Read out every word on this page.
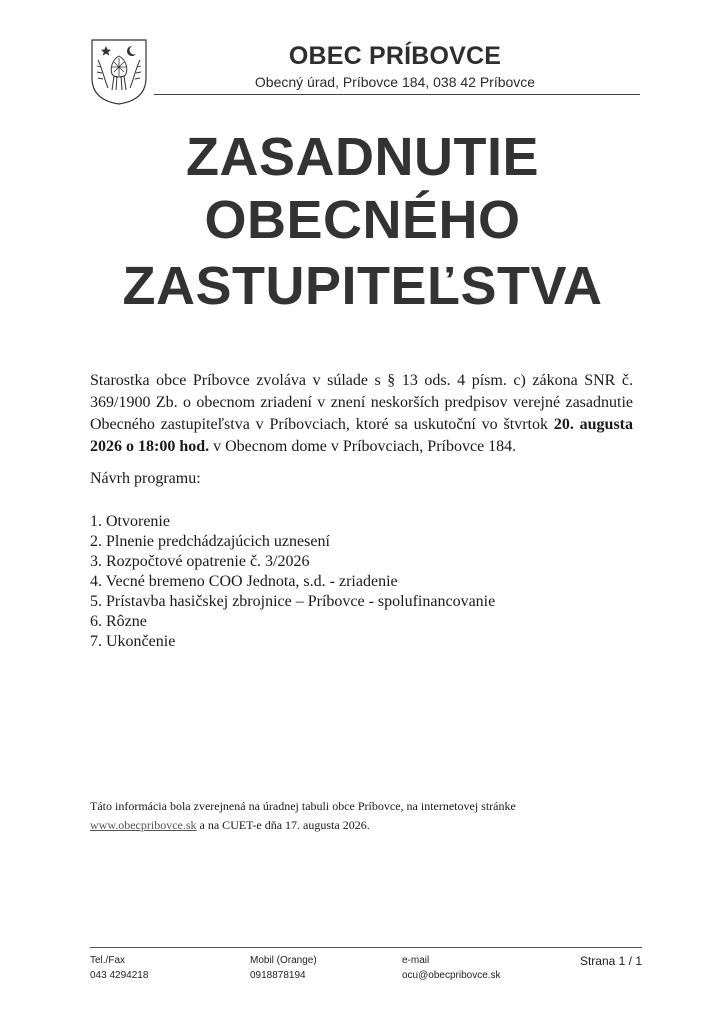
OBEC PRÍBOVCE
Obecný úrad, Príbovce 184, 038 42 Príbovce
ZASADNUTIE
OBECNÉHO
ZASTUPITEĽSTVA
Starostka obce Príbovce zvoláva v súlade s § 13 ods. 4 písm. c) zákona SNR č. 369/1900 Zb. o obecnom zriadení v znení neskorších predpisov verejné zasadnutie Obecného zastupiteľstva v Príbovciach, ktoré sa uskutoční vo štvrtok 20. augusta 2026 o 18:00 hod. v Obecnom dome v Príbovciach, Príbovce 184.
Návrh programu:
1. Otvorenie
2. Plnenie predchádzajúcich uznesení
3. Rozpočtové opatrenie č. 3/2026
4. Vecné bremeno COO Jednota, s.d. - zriadenie
5. Prístavba hasičskej zbrojnice – Príbovce - spolufinancovanie
6. Rôzne
7. Ukončenie
Táto informácia bola zverejnená na úradnej tabuli obce Príbovce, na internetovej stránke
www.obecpribovce.sk a na CUET-e dňa 17. augusta 2026.
Tel./Fax
043 4294218
Mobil (Orange)
0918878194
e-mail
ocu@obecpribovce.sk
Strana 1 / 1
